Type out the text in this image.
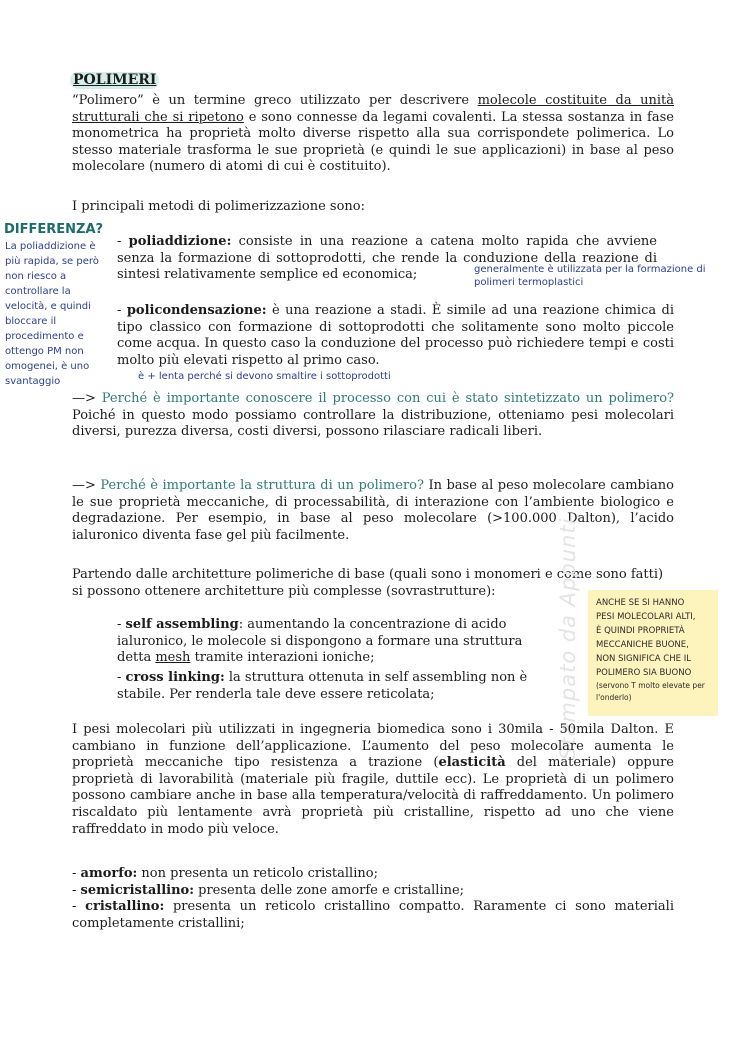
POLIMERI
“Polimero” è un termine greco utilizzato per descrivere molecole costituite da unità strutturali che si ripetono e sono connesse da legami covalenti. La stessa sostanza in fase monometrica ha proprietà molto diverse rispetto alla sua corrispondete polimerica. Lo stesso materiale trasforma le sue proprietà (e quindi le sue applicazioni) in base al peso molecolare (numero di atomi di cui è costituito).
I principali metodi di polimerizzazione sono:
DIFFERENZA?
La poliaddizione è più rapida, se però non riesco a controllare la velocità, e quindi bloccare il procedimento e ottengo PM non omogenei, è uno svantaggio
- poliaddizione: consiste in una reazione a catena molto rapida che avviene senza la formazione di sottoprodotti, che rende la conduzione della reazione di sintesi relativamente semplice ed economica;	generalmente è utilizzata per la formazione di polimeri termoplastici
- policondensazione: è una reazione a stadi. È simile ad una reazione chimica di tipo classico con formazione di sottoprodotti che solitamente sono molto piccole come acqua. In questo caso la conduzione del processo può richiedere tempi e costi molto più elevati rispetto al primo caso.
è + lenta perché si devono smaltire i sottoprodotti
—> Perché è importante conoscere il processo con cui è stato sintetizzato un polimero? Poiché in questo modo possiamo controllare la distribuzione, otteniamo pesi molecolari diversi, purezza diversa, costi diversi, possono rilasciare radicali liberi.
—> Perché è importante la struttura di un polimero? In base al peso molecolare cambiano le sue proprietà meccaniche, di processabilità, di interazione con l’ambiente biologico e degradazione. Per esempio, in base al peso molecolare (>100.000 Dalton), l’acido ialuronico diventa fase gel più facilmente.
Partendo dalle architetture polimeriche di base (quali sono i monomeri e come sono fatti) si possono ottenere architetture più complesse (sovrastrutture):
- self assembling: aumentando la concentrazione di acido ialuronico, le molecole si dispongono a formare una struttura detta mesh tramite interazioni ioniche;
- cross linking: la struttura ottenuta in self assembling non è stabile. Per renderla tale deve essere reticolata;	Stampato da Appunti ANCHE SE SI HANNO
PESI MOLECOLARI ALTI,
È QUINDI PROPRIETÀ
MECCANICHE BUONE,
NON SIGNIFICA CHE IL
POLIMERO SIA BUONO
(servono T molto elevate per l'onderlo)
I pesi molecolari più utilizzati in ingegneria biomedica sono i 30mila - 50mila Dalton. E cambiano in funzione dell’applicazione. L’aumento del peso molecolare aumenta le proprietà meccaniche tipo resistenza a trazione (elasticità del materiale) oppure proprietà di lavorabilità (materiale più fragile, duttile ecc). Le proprietà di un polimero possono cambiare anche in base alla temperatura/velocità di raffreddamento. Un polimero riscaldato più lentamente avrà proprietà più cristalline, rispetto ad uno che viene raffreddato in modo più veloce.
- amorfo: non presenta un reticolo cristallino;
- semicristallino: presenta delle zone amorfe e cristalline;
- cristallino: presenta un reticolo cristallino compatto. Raramente ci sono materiali completamente cristallini;
